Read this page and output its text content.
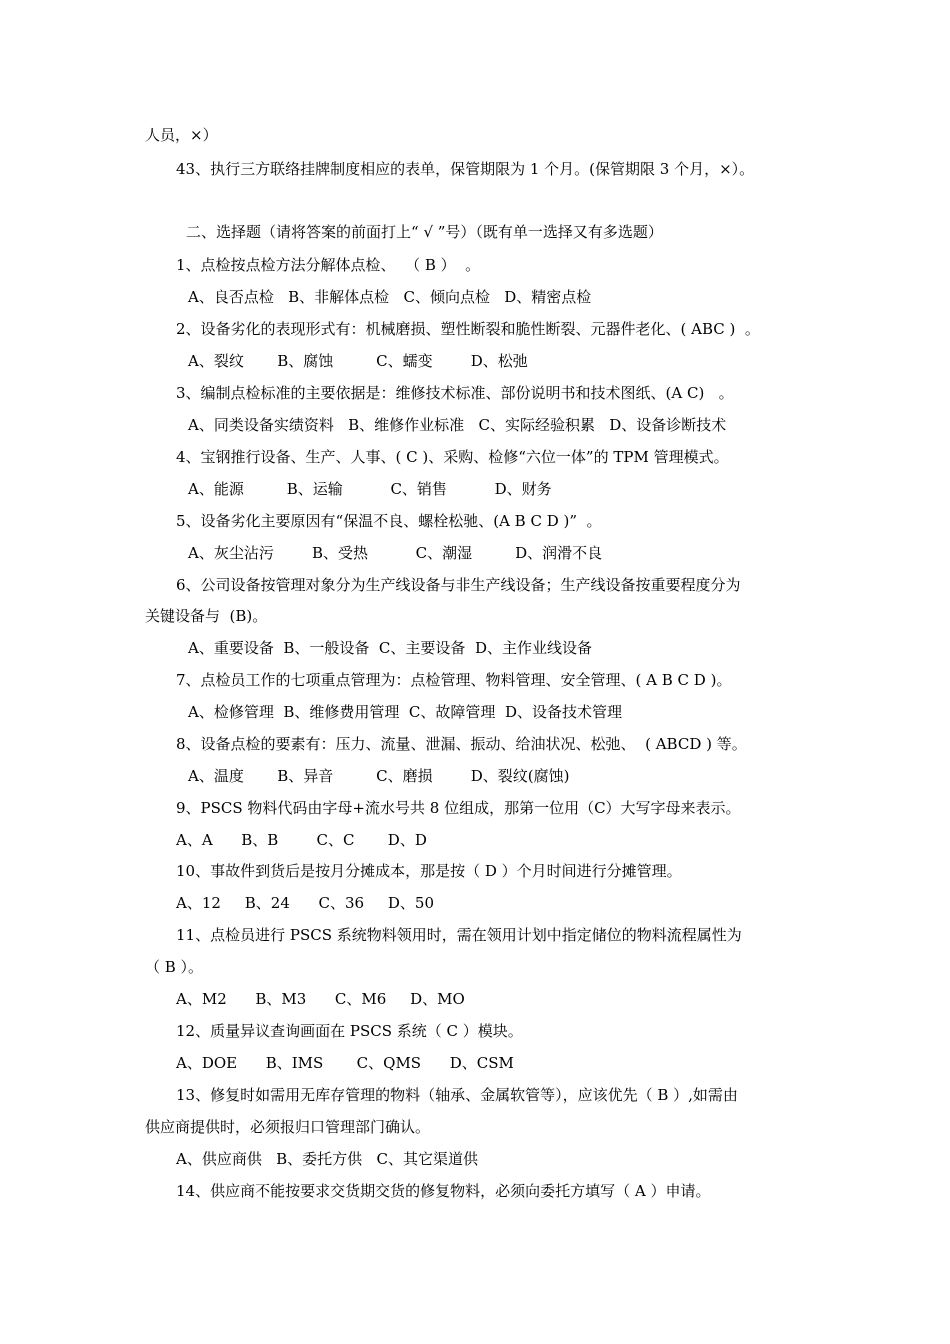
人员，×）
43、执行三方联络挂牌制度相应的表单，保管期限为 1 个月。(保管期限 3 个月，×）。
二、选择题（请将答案的前面打上“ √ ”号）（既有单一选择又有多选题）
1、点检按点检方法分解体点检、  （ B ）  。
A、良否点检   B、非解体点检   C、倾向点检   D、精密点检
2、设备劣化的表现形式有：机械磨损、塑性断裂和脆性断裂、元器件老化、( ABC )  。
A、裂纹       B、腐蚀         C、蠕变        D、松弛
3、编制点检标准的主要依据是：维修技术标准、部份说明书和技术图纸、(A C)   。
A、同类设备实绩资料   B、维修作业标准   C、实际经验积累   D、设备诊断技术
4、宝钢推行设备、生产、人事、( C )、采购、检修“六位一体”的 TPM 管理模式。
A、能源         B、运输          C、销售          D、财务
5、设备劣化主要原因有“保温不良、螺栓松驰、(A B C D )”  。
A、灰尘沾污        B、受热          C、潮湿         D、润滑不良
6、公司设备按管理对象分为生产线设备与非生产线设备；生产线设备按重要程度分为
关键设备与  (B)。
A、重要设备  B、一般设备  C、主要设备  D、主作业线设备
7、点检员工作的七项重点管理为：点检管理、物料管理、安全管理、( A B C D )。
A、检修管理  B、维修费用管理  C、故障管理  D、设备技术管理
8、设备点检的要素有：压力、流量、泄漏、振动、给油状况、松弛、  ( ABCD ) 等。
A、温度       B、异音         C、磨损        D、裂纹(腐蚀)
9、PSCS 物料代码由字母+流水号共 8 位组成，那第一位用（C）大写字母来表示。
A、A      B、B        C、C       D、D
10、事故件到货后是按月分摊成本，那是按（ D ）个月时间进行分摊管理。
A、12     B、24      C、36     D、50
11、点检员进行 PSCS 系统物料领用时，需在领用计划中指定储位的物料流程属性为
（ B ）。
A、M2      B、M3      C、M6     D、MO
12、质量异议查询画面在 PSCS 系统（ C ）模块。
A、DOE      B、IMS       C、QMS      D、CSM
13、修复时如需用无库存管理的物料（轴承、金属软管等），应该优先（ B ）,如需由
供应商提供时，必须报归口管理部门确认。
A、供应商供   B、委托方供   C、其它渠道供
14、供应商不能按要求交货期交货的修复物料，必须向委托方填写（ A ）申请。
